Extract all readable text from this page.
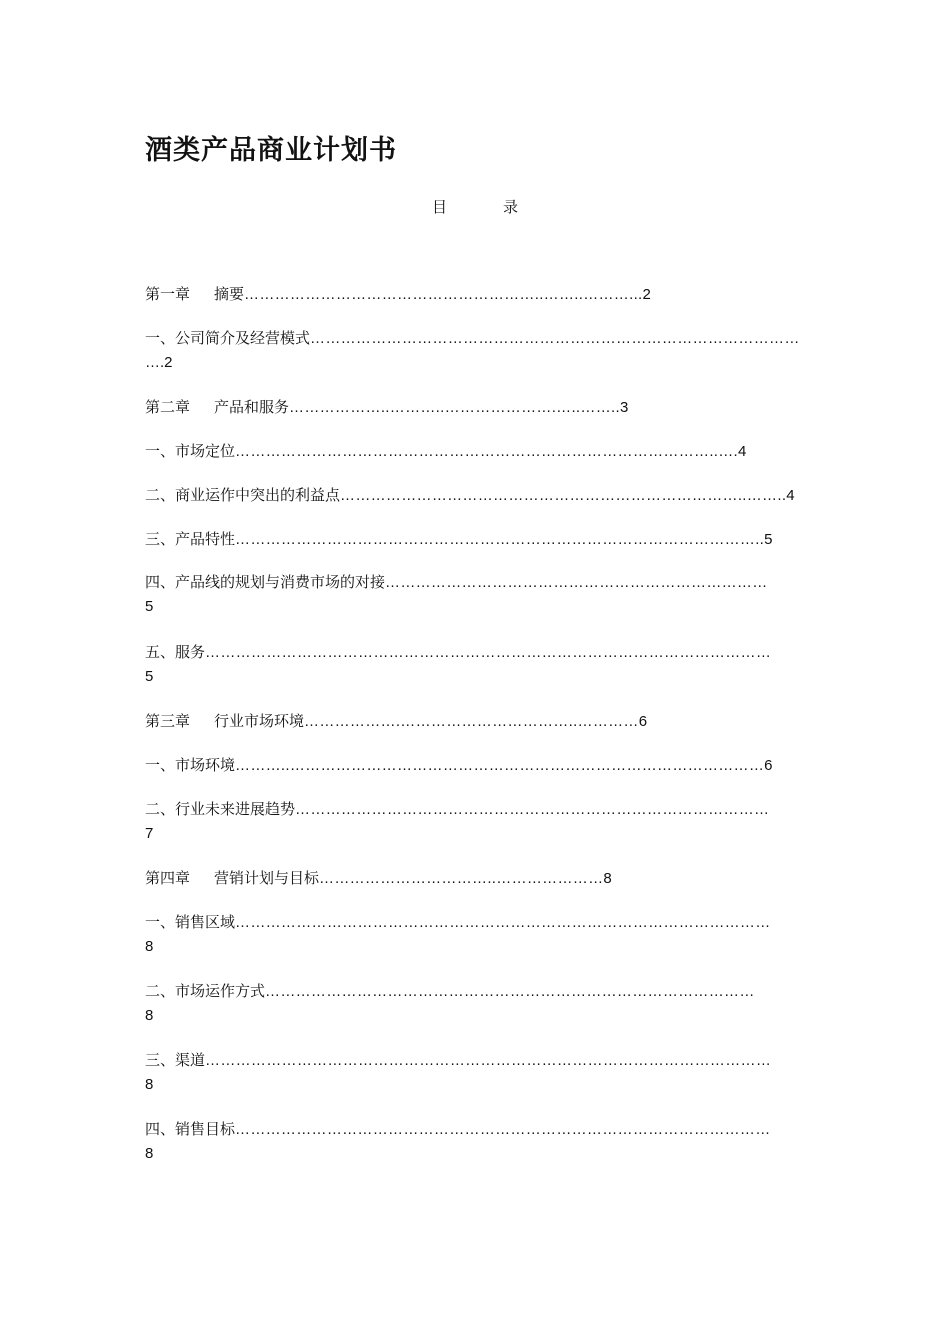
酒类产品商业计划书
目	录
第一章 摘要…………………………………………………..……..………...2
一、公司简介及经营模式……………………………………………………………………………………
….2
第二章 产品和服务………………..………..………………….…..……..3
一、市场定位…………………………………………………………………………………..….4
二、商业运作中突出的利益点……………………………………………………………………..……..4
三、产品特性…………………………………………………………………………………………..5
四、产品线的规划与消费市场的对接…………………………………………………………………
5
五、服务…………………………………………………………………………………………………
5
第三章 行业市场环境……………….……………………………..…………6
一、市场环境………..…………………………………………………………………………………6
二、行业未来进展趋势…………………………………………………………………………………
7
第四章 营销计划与目标……………………………..…………………8
一、销售区域……………………………………………………………………………………………
8
二、市场运作方式……………………………………………………………………………………
8
三、渠道…………………………………………………………………………………………………
8
四、销售目标……………………………………………………………………………………………
8
